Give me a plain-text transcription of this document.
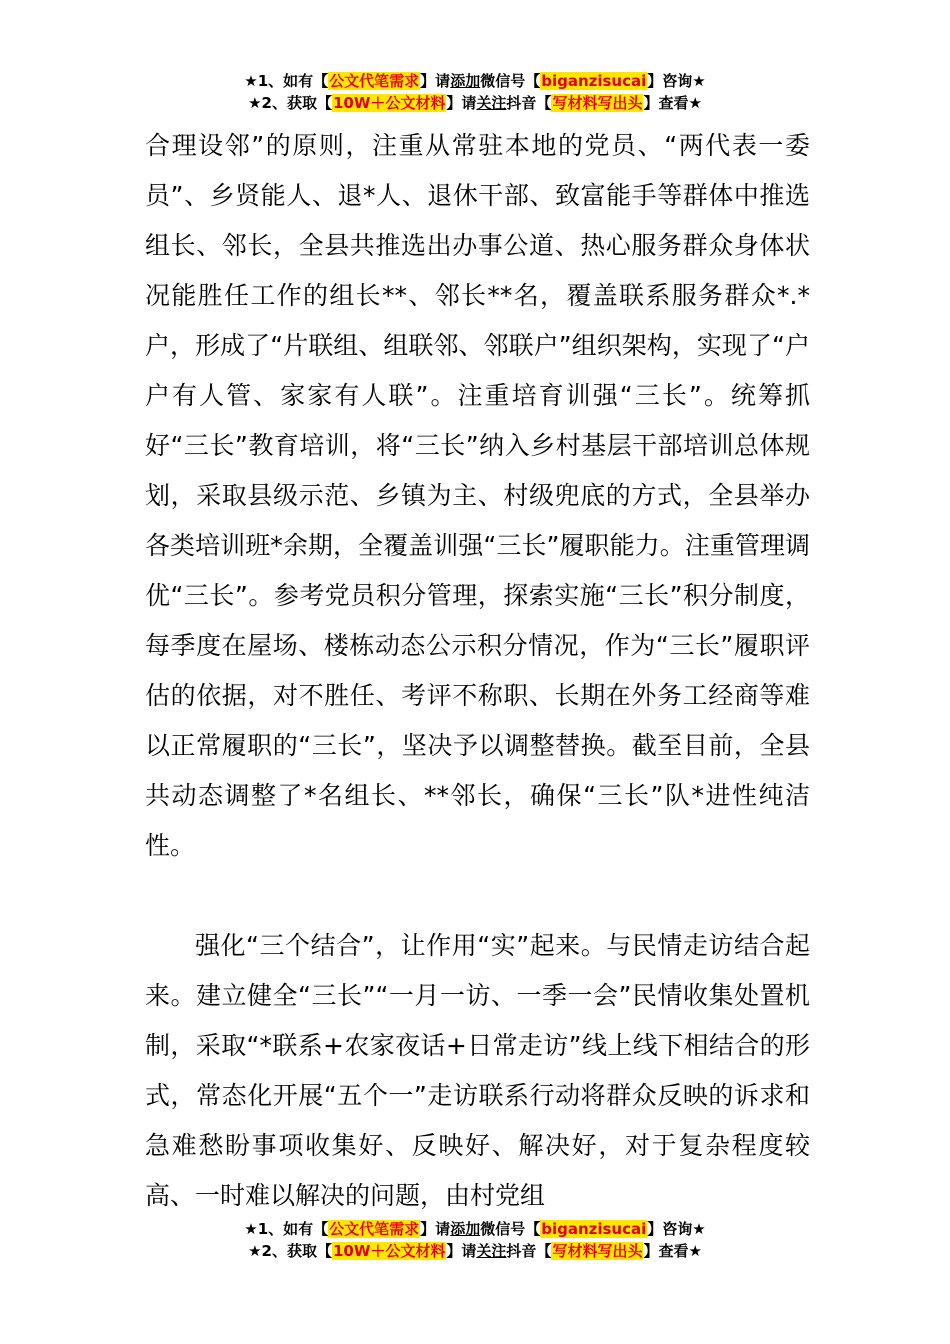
★1、如有【公文代笔需求】请添加微信号【biganzisucai】咨询★
★2、获取【10W＋公文材料】请关注抖音【写材料写出头】查看★

合理设邻”的原则，注重从常驻本地的党员、“两代表一委员”、乡贤能人、退*人、退休干部、致富能手等群体中推选组长、邻长，全县共推选出办事公道、热心服务群众身体状况能胜任工作的组长**、邻长**名，覆盖联系服务群众*.*户，形成了“片联组、组联邻、邻联户”组织架构，实现了“户户有人管、家家有人联”。注重培育训强“三长”。统筹抓好“三长”教育培训，将“三长”纳入乡村基层干部培训总体规划，采取县级示范、乡镇为主、村级兜底的方式，全县举办各类培训班*余期，全覆盖训强“三长”履职能力。注重管理调优“三长”。参考党员积分管理，探索实施“三长”积分制度，每季度在屋场、楼栋动态公示积分情况，作为“三长”履职评估的依据，对不胜任、考评不称职、长期在外务工经商等难以正常履职的“三长”，坚决予以调整替换。截至目前，全县共动态调整了*名组长、**邻长，确保“三长”队*进性纯洁性。

强化“三个结合”，让作用“实”起来。与民情走访结合起来。建立健全“三长”“一月一访、一季一会”民情收集处置机制，采取“*联系+农家夜话+日常走访”线上线下相结合的形式，常态化开展“五个一”走访联系行动将群众反映的诉求和急难愁盼事项收集好、反映好、解决好，对于复杂程度较高、一时难以解决的问题，由村党组

★1、如有【公文代笔需求】请添加微信号【biganzisucai】咨询★
★2、获取【10W＋公文材料】请关注抖音【写材料写出头】查看★
